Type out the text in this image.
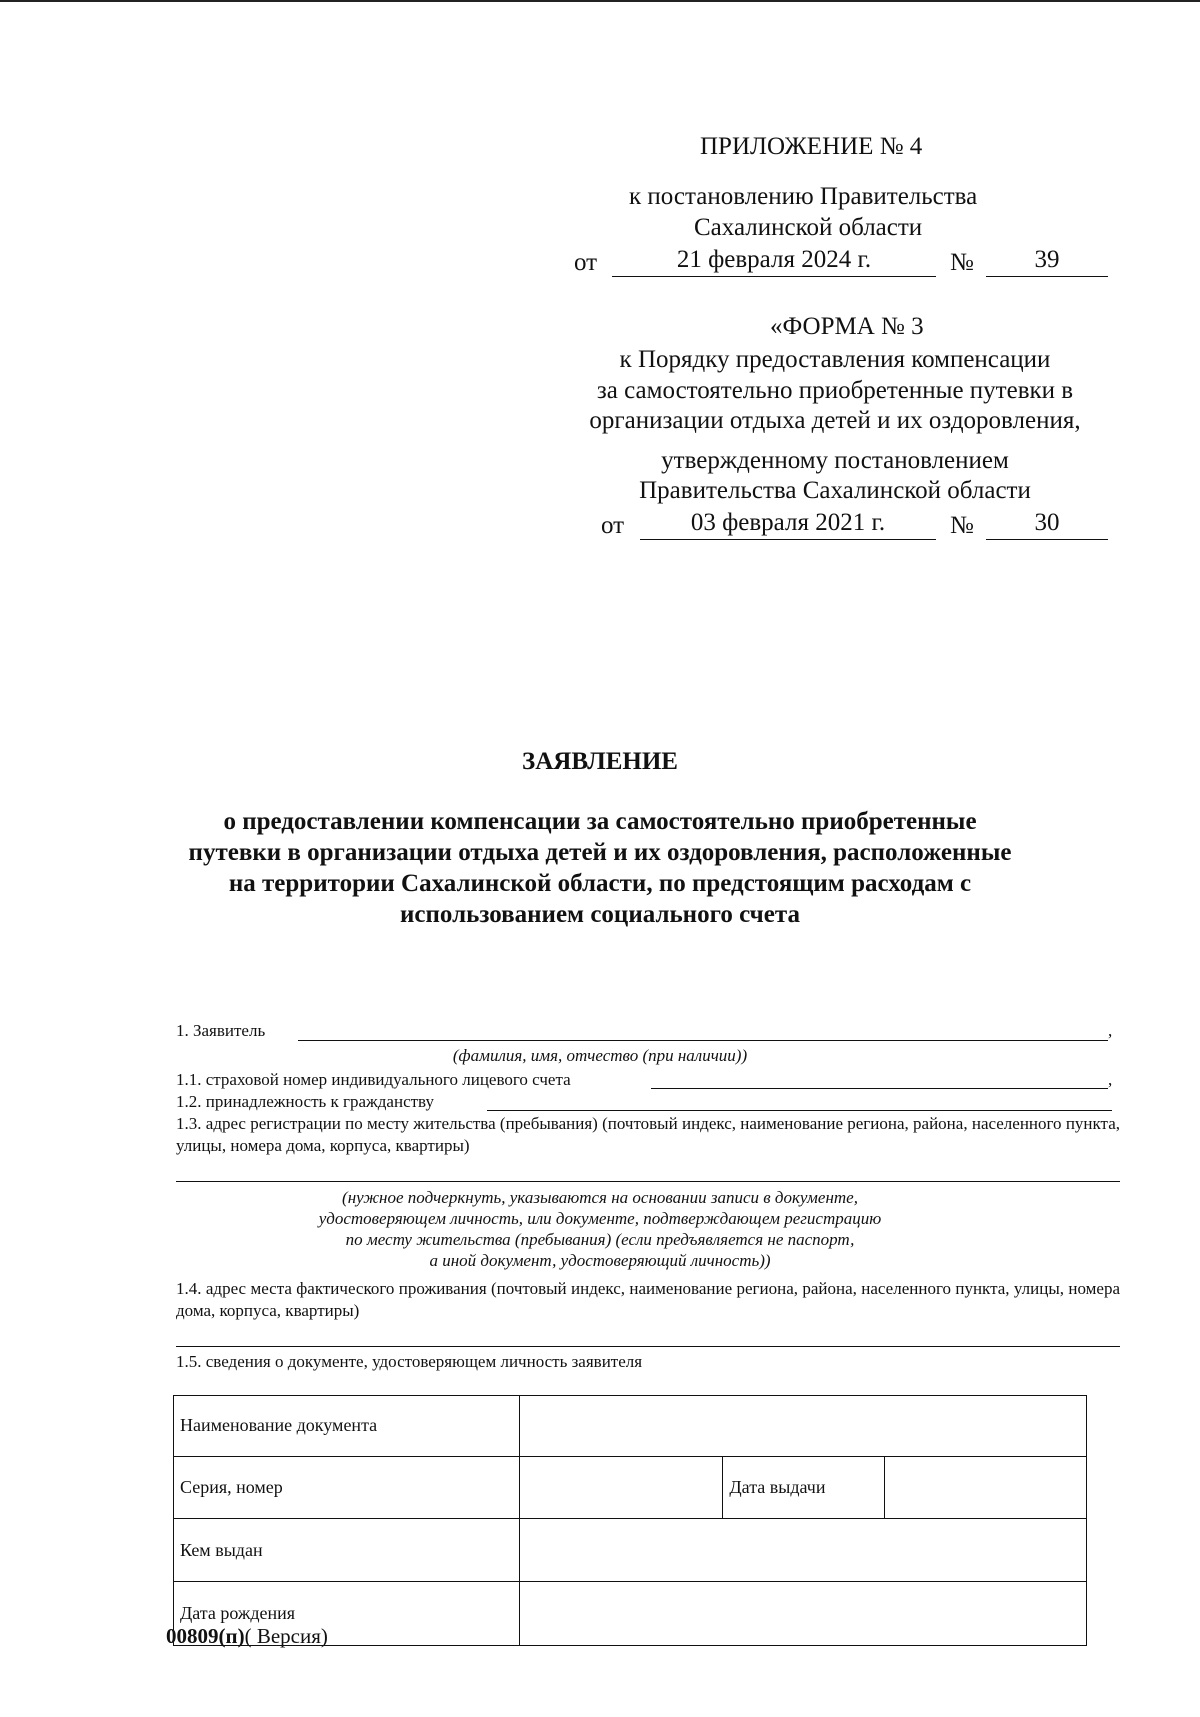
ПРИЛОЖЕНИЕ № 4
к постановлению Правительства
Сахалинской области
от	21 февраля 2024 г.	№	39
«ФОРМА № 3
к Порядку предоставления компенсации
за самостоятельно приобретенные путевки в
организации отдыха детей и их оздоровления,
утвержденному постановлением
Правительства Сахалинской области
от	03 февраля 2021 г.	№	30
ЗАЯВЛЕНИЕ
о предоставлении компенсации за самостоятельно приобретенные
путевки в организации отдыха детей и их оздоровления, расположенные
на территории Сахалинской области, по предстоящим расходам с
использованием социального счета
1. Заявитель	,
(фамилия, имя, отчество (при наличии))
1.1. страховой номер индивидуального лицевого счета	,
1.2. принадлежность к гражданству
1.3. адрес регистрации по месту жительства (пребывания) (почтовый индекс, наименование региона, района, населенного пункта, улицы, номера дома, корпуса, квартиры)
(нужное подчеркнуть, указываются на основании записи в документе,
удостоверяющем личность, или документе, подтверждающем регистрацию
по месту жительства (пребывания) (если предъявляется не паспорт,
а иной документ, удостоверяющий личность))
1.4. адрес места фактического проживания (почтовый индекс, наименование региона, района, населенного пункта, улицы, номера дома, корпуса, квартиры)
1.5. сведения о документе, удостоверяющем личность заявителя
Наименование документа			
Серия, номер		Дата выдачи	
Кем выдан			
Дата рождения			
00809(п)( Версия)
